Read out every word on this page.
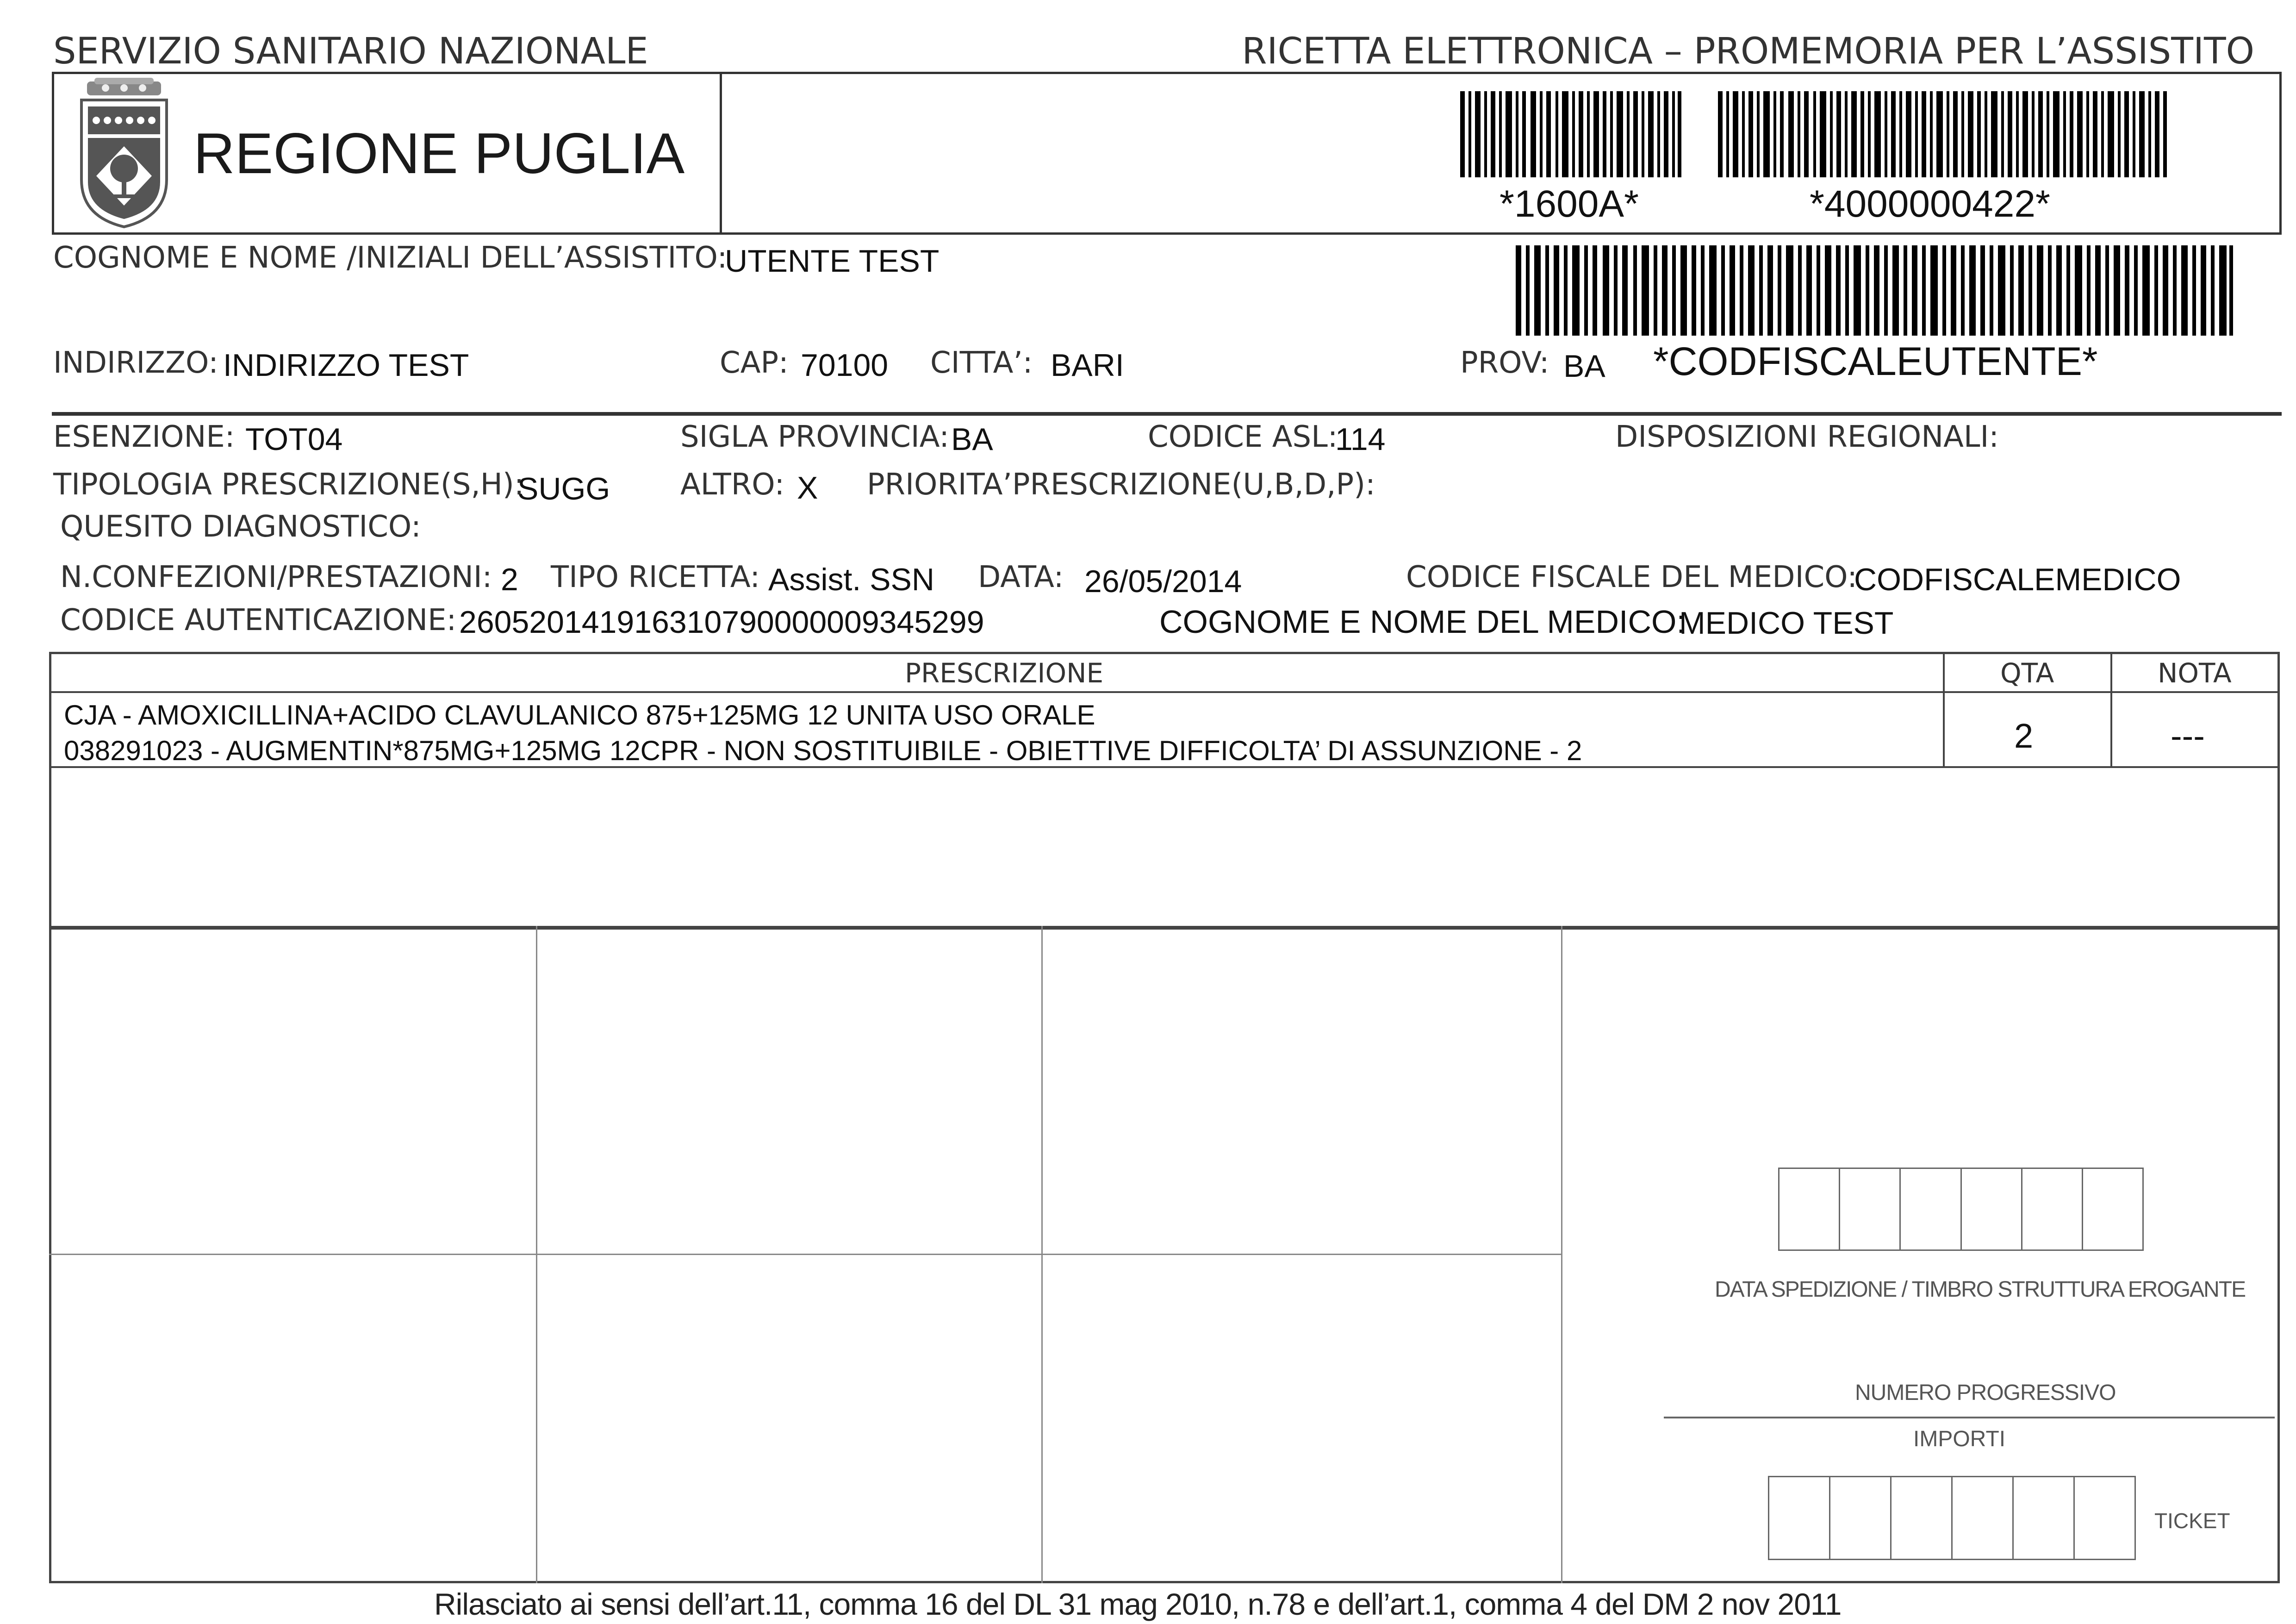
SERVIZIO SANITARIO NAZIONALE	RICETTA ELETTRONICA – PROMEMORIA PER L’ASSISTITO
REGIONE PUGLIA
*1600A*	*4000000422*
COGNOME E NOME /INIZIALI DELL’ASSISTITO:
UTENTE TEST
INDIRIZZO: INDIRIZZO TEST	CAP: 70100 CITTA’: BARI	PROV: BA *CODFISCALEUTENTE*
ESENZIONE: TOT04	SIGLA PROVINCIA: BA	CODICE ASL:
114	DISPOSIZIONI REGIONALI:
TIPOLOGIA PRESCRIZIONE(S,H):
SUGG ALTRO: X PRIORITA’PRESCRIZIONE(U,B,D,P):
QUESITO DIAGNOSTICO:
N.CONFEZIONI/PRESTAZIONI: 2 TIPO RICETTA: Assist. SSN DATA: 26/05/2014	CODICE FISCALE DEL MEDICO:
CODFISCALEMEDICO
CODICE AUTENTICAZIONE: 2605201419163107900000093452​99	COGNOME E NOME DEL MEDICO:
MEDICO TEST
PRESCRIZIONE	QTA	NOTA
CJA - AMOXICILLINA+ACIDO CLAVULANICO 875+125MG 12 UNITA USO ORALE
038291023 - AUGMENTIN*875MG+125MG 12CPR - NON SOSTITUIBILE - OBIETTIVE DIFFICOLTA’ DI ASSUNZIONE - 2	2	---
DATA SPEDIZIONE / TIMBRO STRUTTURA EROGANTE
NUMERO PROGRESSIVO
IMPORTI
TICKET
Rilasciato ai sensi dell’art.11, comma 16 del DL 31 mag 2010, n.78 e dell’art.1, comma 4 del DM 2 nov 2011
